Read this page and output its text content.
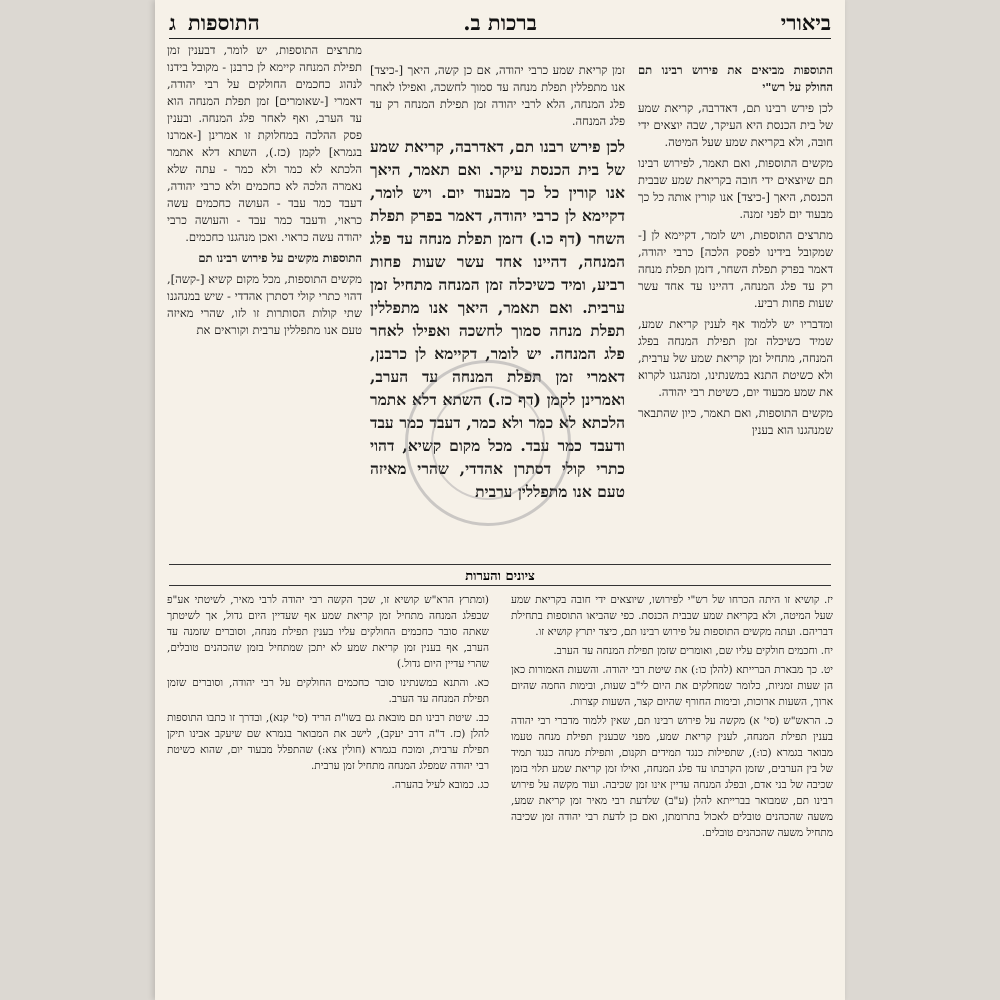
ביאורי
ברכות ב.
התוספות
ג

התוספות מביאים את פירוש רבינו תם החולק על רש"י

לכן פירש רבינו תם, דאדרבה, קריאת שמע של בית הכנסת היא העיקר, שבה יוצאים ידי חובה, ולא בקריאת שמע שעל המיטה.

מקשים התוספות, ואם תאמר, לפירוש רבינו תם שיוצאים ידי חובה בקריאת שמע שבבית הכנסת, היאך [-כיצד] אנו קורין אותה כל כך מבעוד יום לפני זמנה.

מתרצים התוספות, ויש לומר, דקיימא לן [-שמקובל בידינו לפסק הלכה] כרבי יהודה, דאמר בפרק תפלת השחר, דזמן תפלת מנחה רק עד פלג המנחה, דהיינו עד אחד עשר שעות פחות רביע.

ומדבריו יש ללמוד אף לענין קריאת שמע, שמיד כשיכלה זמן תפילת המנחה בפלג המנחה, מתחיל זמן קריאת שמע של ערבית, ולא כשיטת התנא במשנתינו, ומנהגנו לקרוא את שמע מבעוד יום, כשיטת רבי יהודה.

מקשים התוספות, ואם תאמר, כיון שהתבאר שמנהגנו הוא בענין

זמן קריאת שמע כרבי יהודה, אם כן קשה, היאך [-כיצד] אנו מתפללין תפלת מנחה עד סמוך לחשכה, ואפילו לאחר פלג המנחה, הלא לרבי יהודה זמן תפילת המנחה רק עד פלג המנחה.

לכן פירש רבנו תם, דאדרבה, קריאת שמע של בית הכנסת עיקר. ואם תאמר, היאך אנו קורין כל כך מבעוד יום. ויש לומר, דקיימא לן כרבי יהודה, דאמר בפרק תפלת השחר (דף כו.) דזמן תפלת מנחה עד פלג המנחה, דהיינו אחד עשר שעות פחות רביע, ומיד כשיכלה זמן המנחה מתחיל זמן ערבית. ואם תאמר, היאך אנו מתפללין תפלת מנחה סמוך לחשכה ואפילו לאחר פלג המנחה. יש לומר, דקיימא לן כרבנן, דאמרי זמן תפלת המנחה עד הערב, ואמרינן לקמן (דף כז.) השתא דלא אתמר הלכתא לא כמר ולא כמר, דעבד כמר עבד ודעבד כמר עבד. מכל מקום קשיא, דהוי כתרי קולי דסתרן אהדדי, שהרי מאיזה טעם אנו מתפללין ערבית

מתרצים התוספות, יש לומר, דבענין זמן תפילת המנחה קיימא לן כרבנן - מקובל בידנו לנהוג כחכמים החולקים על רבי יהודה, דאמרי [-שאומרים] זמן תפלת המנחה הוא עד הערב, ואף לאחר פלג המנחה. ובענין פסק ההלכה במחלוקת זו אמרינן [-אמרנו בגמרא] לקמן (כז.), השתא דלא אתמר הלכתא לא כמר ולא כמר - עתה שלא נאמרה הלכה לא כחכמים ולא כרבי יהודה, דעבד כמר עבד - העושה כחכמים עשה כראוי, ודעבד כמר עבד - והעושה כרבי יהודה עשה כראוי. ואכן מנהגנו כחכמים.

התוספות מקשים על פירוש רבינו תם

מקשים התוספות, מכל מקום קשיא [-קשה], דהוי כתרי קולי דסתרן אהדדי - שיש במנהגנו שתי קולות הסותרות זו לזו, שהרי מאיזה טעם אנו מתפללין ערבית וקוראים את

ציונים והערות

יז. קושיא זו היתה הכרחו של רש"י לפירושו, שיוצאים ידי חובה בקריאת שמע שעל המיטה, ולא בקריאת שמע שבבית הכנסת. כפי שהביאו התוספות בתחילת דבריהם. ועתה מקשים התוספות על פירוש רבינו תם, כיצד יתרץ קושיא זו.

יח. וחכמים חולקים עליו שם, ואומרים שזמן תפילת המנחה עד הערב.

יט. כך מבארת הברייתא (להלן כו:) את שיטת רבי יהודה. והשעות האמורות כאן הן שעות זמניות, כלומר שמחלקים את היום לי"ב שעות, ובימות החמה שהיום ארוך, השעות ארוכות, ובימות החורף שהיום קצר, השעות קצרות.

כ. הראש"ש (סי' א) מקשה על פירוש רבינו תם, שאין ללמוד מדברי רבי יהודה בענין תפילת המנחה, לענין קריאת שמע, מפני שבענין תפילת מנחה טעמו מבואר בגמרא (כו:), שתפילות כנגד תמידים תקנום, ותפילת מנחה כנגד תמיד של בין הערבים, שזמן הקרבתו עד פלג המנחה, ואילו זמן קריאת שמע תלוי בזמן שכיבה של בני אדם, ובפלג המנחה עדיין אינו זמן שכיבה. ועוד מקשה על פירוש רבינו תם, שמבואר בברייתא להלן (ע"ב) שלדעת רבי מאיר זמן קריאת שמע, משעה שהכהנים טובלים לאכול בתרומתן, ואם כן לדעת רבי יהודה זמן שכיבה מתחיל משעה שהכהנים טובלים.

(ומתרץ הרא"ש קושיא זו, שכך הקשה רבי יהודה לרבי מאיר, לשיטתי אע"פ שבפלג המנחה מתחיל זמן קריאת שמע אף שעדיין היום גדול, אך לשיטתך שאתה סובר כחכמים החולקים עליו בענין תפילת מנחה, וסוברים שזמנה עד הערב, אף בענין זמן קריאת שמע לא יתכן שמתחיל בזמן שהכהנים טובלים, שהרי עדיין היום גדול.)

כא. והתנא במשנתינו סובר כחכמים החולקים על רבי יהודה, וסוברים שזמן תפילת המנחה עד הערב.

כב. שיטת רבינו תם מובאת גם בשו"ת הריד (סי' קנא), ובדרך זו כתבו התוספות להלן (כז. ד"ה דרב יעקב), לישב את המבואר בגמרא שם שיעקב אבינו תיקן תפילת ערבית, ומוכח בגמרא (חולין צא:) שהתפלל מבעוד יום, שהוא כשיטת רבי יהודה שמפלג המנחה מתחיל זמן ערבית.

כג. כמובא לעיל בהערה.
